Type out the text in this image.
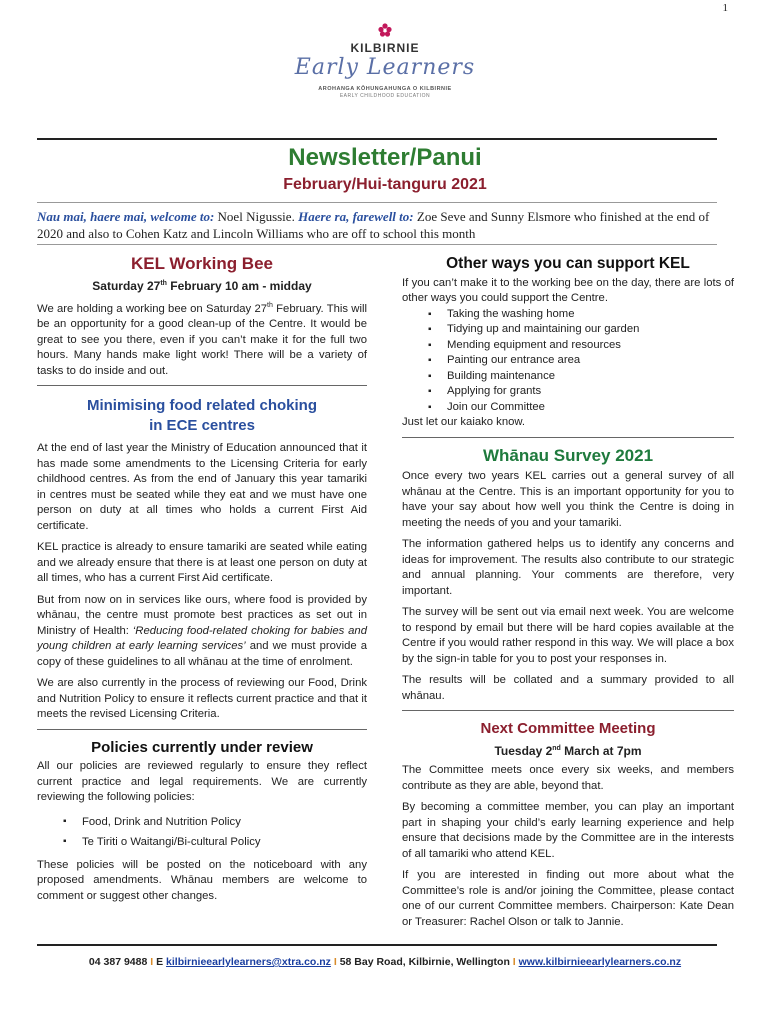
1
KILBIRNIE
Early Learners
AROHANGA KŌHUNGAHUNGA O KILBIRNIE
EARLY CHILDHOOD EDUCATION
Newsletter/Panui
February/Hui-tanguru 2021
Nau mai, haere mai, welcome to: Noel Nigussie. Haere ra, farewell to: Zoe Seve and Sunny Elsmore who finished at the end of 2020 and also to Cohen Katz and Lincoln Williams who are off to school this month
KEL Working Bee
Saturday 27th February 10 am - midday

We are holding a working bee on Saturday 27th February. This will be an opportunity for a good clean-up of the Centre. It would be great to see you there, even if you can’t make it for the full two hours. Many hands make light work! There will be a variety of tasks to do inside and out.

Minimising food related choking
in ECE centres

At the end of last year the Ministry of Education announced that it has made some amendments to the Licensing Criteria for early childhood centres. As from the end of January this year tamariki in centres must be seated while they eat and we must have one person on duty at all times who holds a current First Aid certificate.

KEL practice is already to ensure tamariki are seated while eating and we already ensure that there is at least one person on duty at all times, who has a current First Aid certificate.

But from now on in services like ours, where food is provided by whānau, the centre must promote best practices as set out in Ministry of Health: ‘Reducing food-related choking for babies and young children at early learning services’ and we must provide a copy of these guidelines to all whānau at the time of enrolment.

We are also currently in the process of reviewing our Food, Drink and Nutrition Policy to ensure it reflects current practice and that it meets the revised Licensing Criteria.

Policies currently under review

All our policies are reviewed regularly to ensure they reflect current practice and legal requirements. We are currently reviewing the following policies:

▪ Food, Drink and Nutrition Policy
▪ Te Tiriti o Waitangi/Bi-cultural Policy

These policies will be posted on the noticeboard with any proposed amendments. Whānau members are welcome to comment or suggest other changes.

Other ways you can support KEL

If you can’t make it to the working bee on the day, there are lots of other ways you could support the Centre.

▪ Taking the washing home
▪ Tidying up and maintaining our garden
▪ Mending equipment and resources
▪ Painting our entrance area
▪ Building maintenance
▪ Applying for grants
▪ Join our Committee

Just let our kaiako know.

Whānau Survey 2021

Once every two years KEL carries out a general survey of all whānau at the Centre. This is an important opportunity for you to have your say about how well you think the Centre is doing in meeting the needs of you and your tamariki.

The information gathered helps us to identify any concerns and ideas for improvement. The results also contribute to our strategic and annual planning. Your comments are therefore, very important.

The survey will be sent out via email next week. You are welcome to respond by email but there will be hard copies available at the Centre if you would rather respond in this way. We will place a box by the sign-in table for you to post your responses in.

The results will be collated and a summary provided to all whānau.

Next Committee Meeting
Tuesday 2nd March at 7pm

The Committee meets once every six weeks, and members contribute as they are able, beyond that.

By becoming a committee member, you can play an important part in shaping your child’s early learning experience and help ensure that decisions made by the Committee are in the interests of all tamariki who attend KEL.

If you are interested in finding out more about what the Committee’s role is and/or joining the Committee, please contact one of our current Committee members. Chairperson: Kate Dean or Treasurer: Rachel Olson or talk to Jannie.

04 387 9488 I E kilbirnieearlylearners@xtra.co.nz I 58 Bay Road, Kilbirnie, Wellington I www.kilbirnieearlylearners.co.nz
